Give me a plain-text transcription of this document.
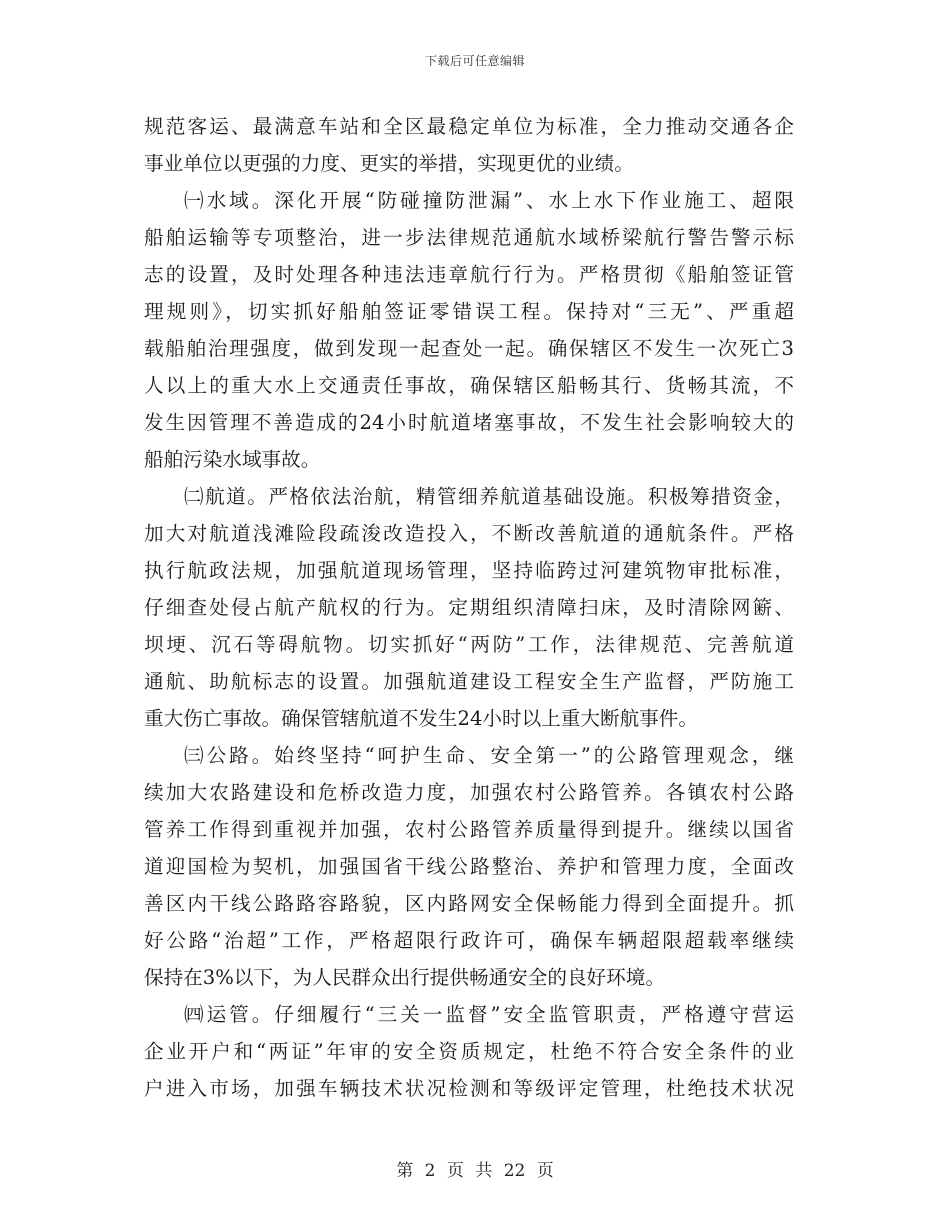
下载后可任意编辑
规范客运、最满意车站和全区最稳定单位为标准，全力推动交通各企
事业单位以更强的力度、更实的举措，实现更优的业绩。
㈠水域。深化开展“防碰撞防泄漏”、水上水下作业施工、超限
船舶运输等专项整治，进一步法律规范通航水域桥梁航行警告警示标
志的设置，及时处理各种违法违章航行行为。严格贯彻《船舶签证管
理规则》，切实抓好船舶签证零错误工程。保持对“三无”、严重超
载船舶治理强度，做到发现一起查处一起。确保辖区不发生一次死亡3
人以上的重大水上交通责任事故，确保辖区船畅其行、货畅其流，不
发生因管理不善造成的24小时航道堵塞事故，不发生社会影响较大的
船舶污染水域事故。
㈡航道。严格依法治航，精管细养航道基础设施。积极筹措资金，
加大对航道浅滩险段疏浚改造投入，不断改善航道的通航条件。严格
执行航政法规，加强航道现场管理，坚持临跨过河建筑物审批标准，
仔细查处侵占航产航权的行为。定期组织清障扫床，及时清除网簖、
坝埂、沉石等碍航物。切实抓好“两防”工作，法律规范、完善航道
通航、助航标志的设置。加强航道建设工程安全生产监督，严防施工
重大伤亡事故。确保管辖航道不发生24小时以上重大断航事件。
㈢公路。始终坚持“呵护生命、安全第一”的公路管理观念，继
续加大农路建设和危桥改造力度，加强农村公路管养。各镇农村公路
管养工作得到重视并加强，农村公路管养质量得到提升。继续以国省
道迎国检为契机，加强国省干线公路整治、养护和管理力度，全面改
善区内干线公路路容路貌，区内路网安全保畅能力得到全面提升。抓
好公路“治超”工作，严格超限行政许可，确保车辆超限超载率继续
保持在3%以下，为人民群众出行提供畅通安全的良好环境。
㈣运管。仔细履行“三关一监督”安全监管职责，严格遵守营运
企业开户和“两证”年审的安全资质规定，杜绝不符合安全条件的业
户进入市场，加强车辆技术状况检测和等级评定管理，杜绝技术状况
第 2 页 共 22 页
